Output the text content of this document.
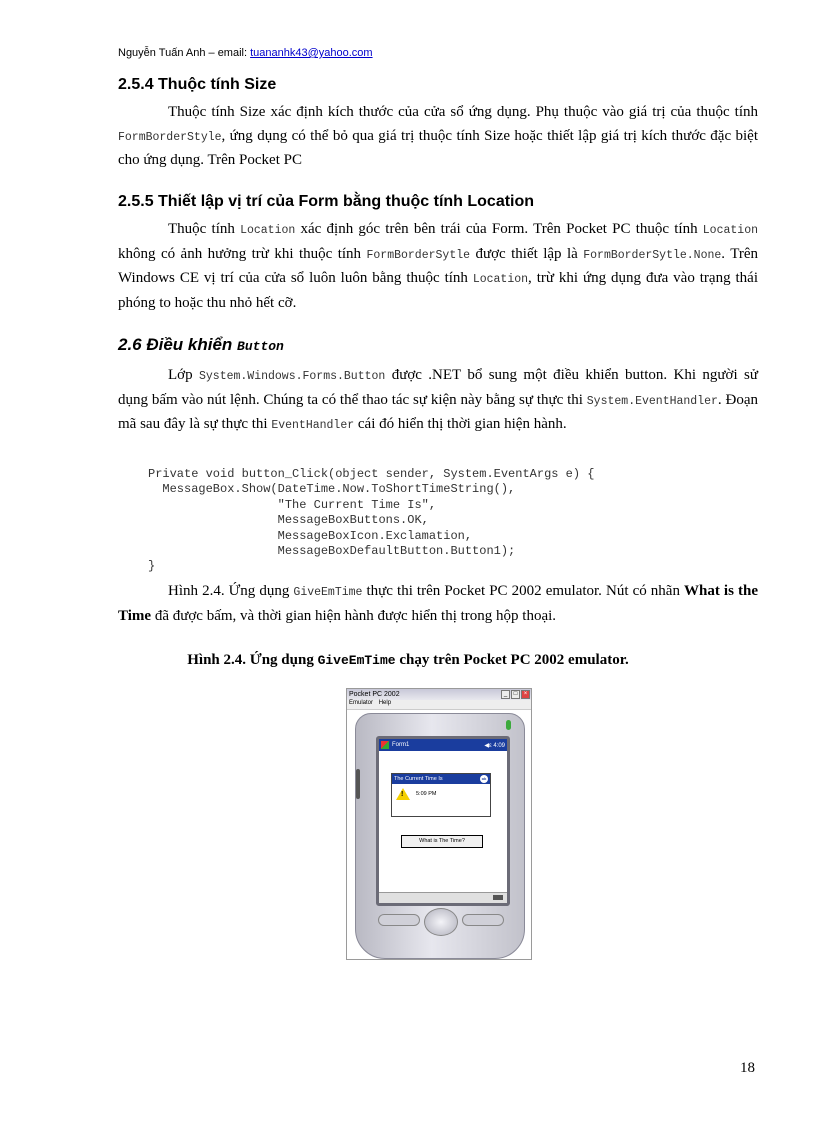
Nguyễn Tuấn Anh – email: tuananhk43@yahoo.com
2.5.4 Thuộc tính Size

Thuộc tính Size xác định kích thước của cửa sổ ứng dụng. Phụ thuộc vào giá trị của thuộc tính FormBorderStyle, ứng dụng có thể bỏ qua giá trị thuộc tính Size hoặc thiết lập giá trị kích thước đặc biệt cho ứng dụng. Trên Pocket PC

2.5.5 Thiết lập vị trí của Form bằng thuộc tính Location

Thuộc tính Location xác định góc trên bên trái của Form. Trên Pocket PC thuộc tính Location không có ảnh hưởng trừ khi thuộc tính FormBorderSytle được thiết lập là FormBorderSytle.None. Trên Windows CE vị trí của cửa sổ luôn luôn bằng thuộc tính Location, trừ khi ứng dụng đưa vào trạng thái phóng to hoặc thu nhỏ hết cỡ.

2.6 Điều khiển Button

Lớp System.Windows.Forms.Button được .NET bổ sung một điều khiển button. Khi người sử dụng bấm vào nút lệnh. Chúng ta có thể thao tác sự kiện này bằng sự thực thi System.EventHandler. Đoạn mã sau đây là sự thực thi EventHandler cái đó hiển thị thời gian hiện hành.

Private void button_Click(object sender, System.EventArgs e) {
MessageBox.Show(DateTime.Now.ToShortTimeString(),
"The Current Time Is",
MessageBoxButtons.OK,
MessageBoxIcon.Exclamation,
MessageBoxDefaultButton.Button1);
}

Hình 2.4. Ứng dụng GiveEmTime thực thi trên Pocket PC 2002 emulator. Nút có nhãn What is the Time đã được bấm, và thời gian hiện hành được hiển thị trong hộp thoại.

Hình 2.4. Ứng dụng GiveEmTime chạy trên Pocket PC 2002 emulator.
Pocket PC 2002	_	□	×
Emulator Help
Form1	◀ε 4:09
The Current Time Is	ok
! 5:09 PM
What is The Time?
18
